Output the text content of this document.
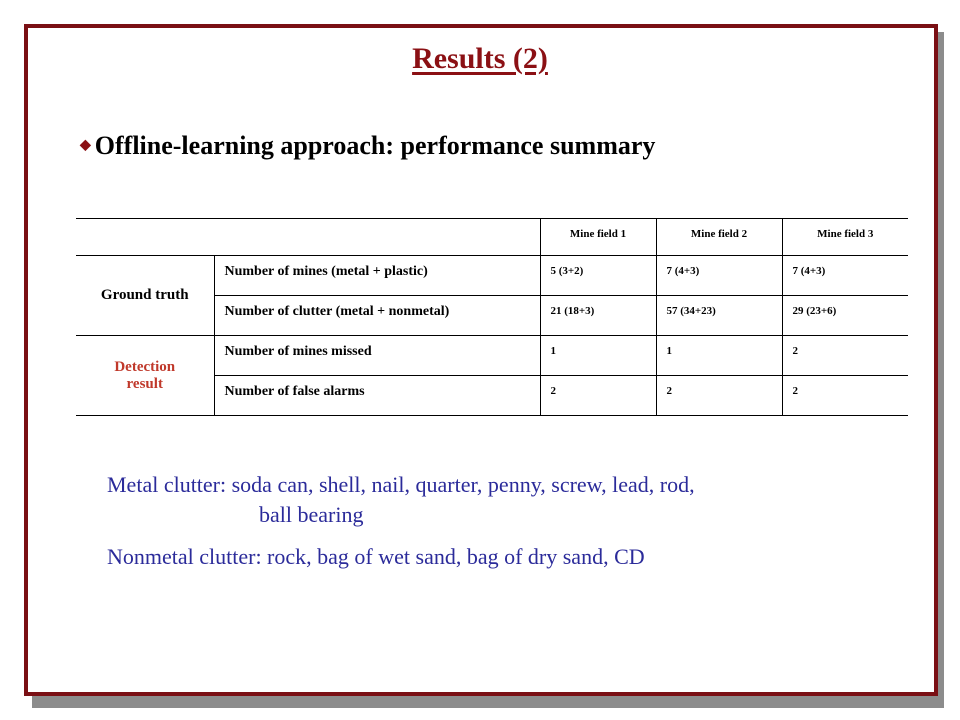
Results (2)
◆ Offline-learning approach: performance summary
		Mine field 1	Mine field 2	Mine field 3
Ground truth	Number of mines (metal + plastic)	5 (3+2)	7 (4+3)	7 (4+3)
	Number of clutter (metal + nonmetal)	21 (18+3)	57 (34+23)	29 (23+6)

Detection
result	Number of mines missed	1	1	2
	Number of false alarms	2	2	2
Metal clutter: soda can, shell, nail, quarter, penny, screw, lead, rod,
ball bearing
Nonmetal clutter: rock, bag of wet sand, bag of dry sand, CD
